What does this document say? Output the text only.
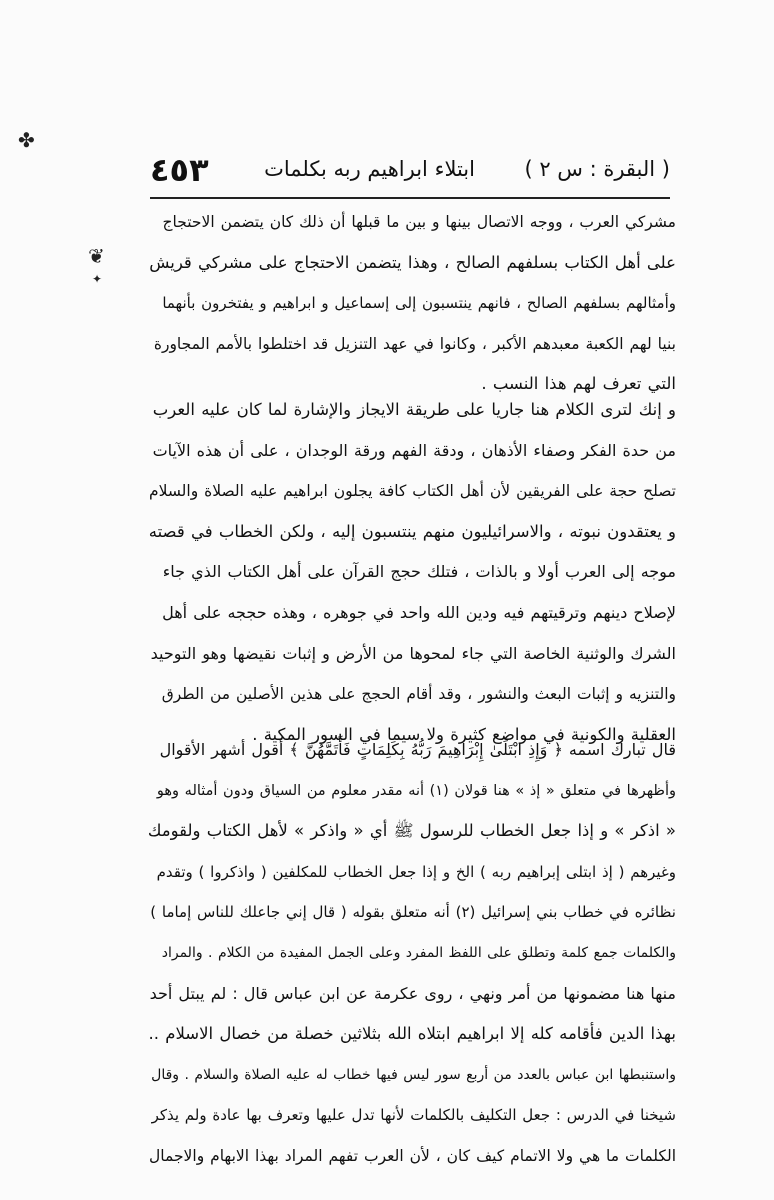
( البقرة : س ٢ )
ابتلاء ابراهيم ربه بكلمات
٤٥٣
✤
❦
✦
مشركي العرب ، ووجه الاتصال بينها و بين ما قبلها أن ذلك كان يتضمن الاحتجاج
على أهل الكتاب بسلفهم الصالح ، وهذا يتضمن الاحتجاج على مشركي قريش
وأمثالهم بسلفهم الصالح ، فانهم ينتسبون إلى إسماعيل و ابراهيم و يفتخرون بأنهما
بنيا لهم الكعبة معبدهم الأكبر ، وكانوا في عهد التنزيل قد اختلطوا بالأمم المجاورة
التي تعرف لهم هذا النسب .
و إنك لترى الكلام هنا جاريا على طريقة الايجاز والإشارة لما كان عليه العرب
من حدة الفكر وصفاء الأذهان ، ودقة الفهم ورقة الوجدان ، على أن هذه الآيات
تصلح حجة على الفريقين لأن أهل الكتاب كافة يجلون ابراهيم عليه الصلاة والسلام
و يعتقدون نبوته ، والاسرائيليون منهم ينتسبون إليه ، ولكن الخطاب في قصته
موجه إلى العرب أولا و بالذات ، فتلك حجج القرآن على أهل الكتاب الذي جاء
لإصلاح دينهم وترقيتهم فيه ودين الله واحد في جوهره ، وهذه حججه على أهل
الشرك والوثنية الخاصة التي جاء لمحوها من الأرض و إثبات نقيضها وهو التوحيد
والتنزيه و إثبات البعث والنشور ، وقد أقام الحجج على هذين الأصلين من الطرق
العقلية والكونية في مواضع كثيرة ولا سيما في السور المكية .
قال تبارك اسمه ﴿ وَإِذِ ابْتَلَىٰ إِبْرَاهِيمَ رَبُّهُ بِكَلِمَاتٍ فَأَتَمَّهُنَّ ﴾ أقول أشهر الأقوال
وأظهرها في متعلق « إذ » هنا قولان (١) أنه مقدر معلوم من السياق ودون أمثاله وهو
« اذكر » و إذا جعل الخطاب للرسول ﷺ أي « واذكر » لأهل الكتاب ولقومك
وغيرهم ( إذ ابتلى إبراهيم ربه ) الخ و إذا جعل الخطاب للمكلفين ( واذكروا ) وتقدم
نظائره في خطاب بني إسرائيل (٢) أنه متعلق بقوله ( قال إني جاعلك للناس إماما )
والكلمات جمع كلمة وتطلق على اللفظ المفرد وعلى الجمل المفيدة من الكلام . والمراد
منها هنا مضمونها من أمر ونهي ، روى عكرمة عن ابن عباس قال : لم يبتل أحد
بهذا الدين فأقامه كله إلا ابراهيم ابتلاه الله بثلاثين خصلة من خصال الاسلام ..
واستنبطها ابن عباس بالعدد من أربع سور ليس فيها خطاب له عليه الصلاة والسلام . وقال
شيخنا في الدرس : جعل التكليف بالكلمات لأنها تدل عليها وتعرف بها عادة ولم يذكر
الكلمات ما هي ولا الاتمام كيف كان ، لأن العرب تفهم المراد بهذا الابهام والاجمال
